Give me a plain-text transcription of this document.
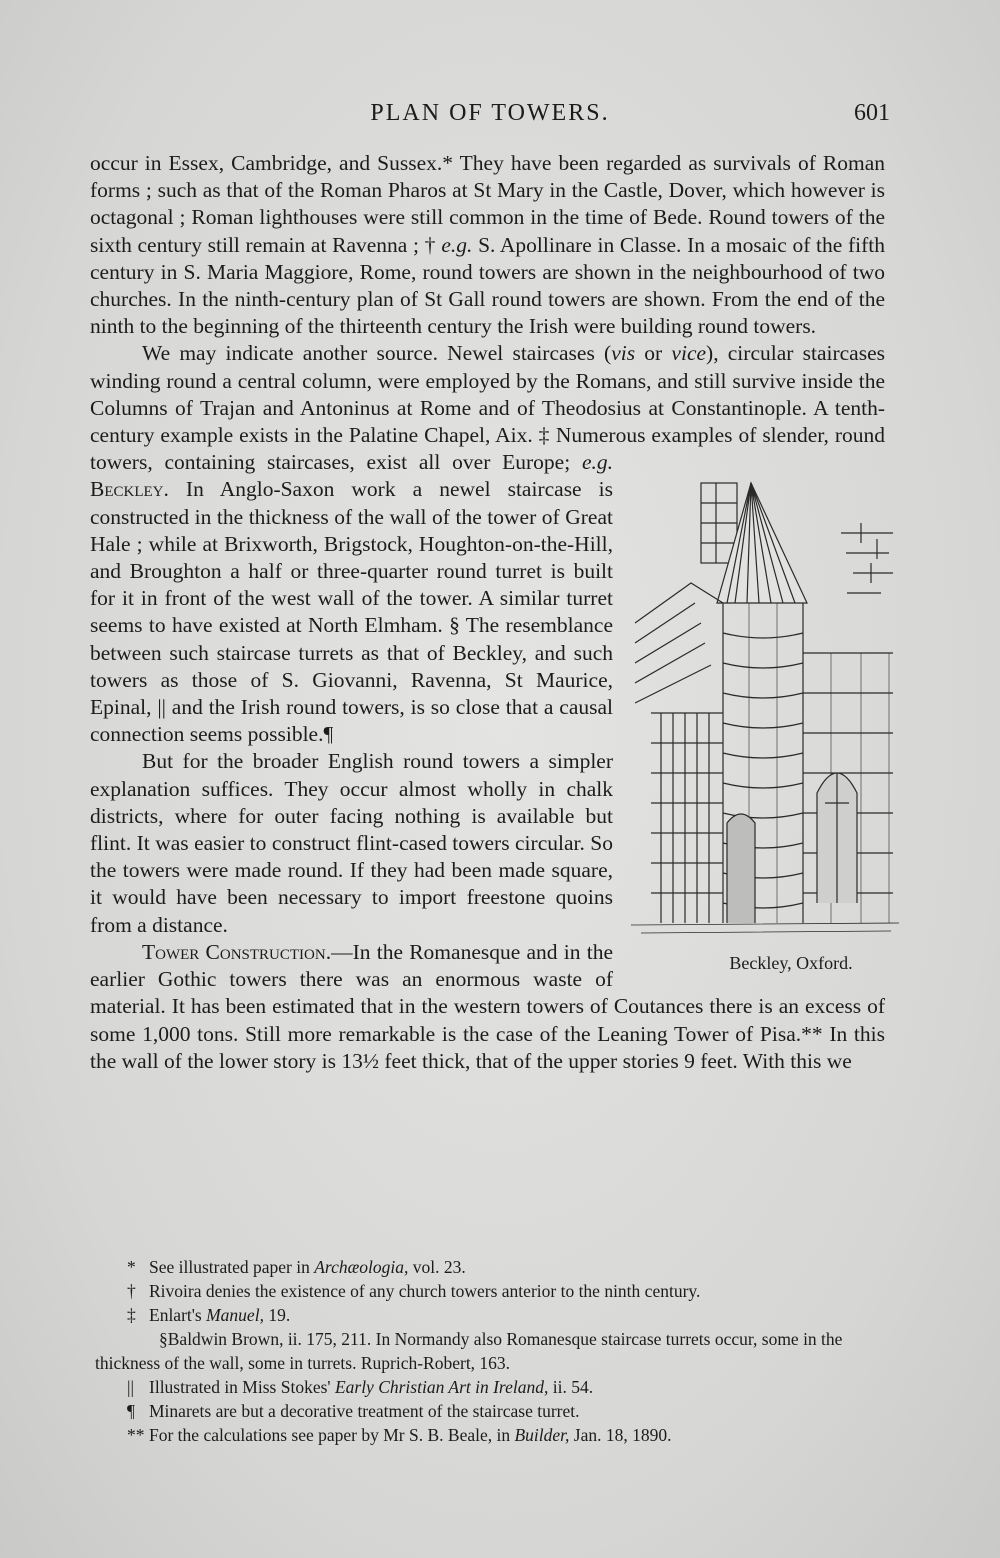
PLAN OF TOWERS.	601

occur in Essex, Cambridge, and Sussex.* They have been regarded as survivals of Roman forms ; such as that of the Roman Pharos at St Mary in the Castle, Dover, which however is octagonal ; Roman lighthouses were still common in the time of Bede. Round towers of the sixth century still remain at Ravenna ; † e.g. S. Apollinare in Classe. In a mosaic of the fifth century in S. Maria Maggiore, Rome, round towers are shown in the neighbourhood of two churches. In the ninth-century plan of St Gall round towers are shown. From the end of the ninth to the beginning of the thirteenth century the Irish were building round towers.

We may indicate another source. Newel staircases (vis or vice), circular staircases winding round a central column, were employed by the Romans, and still survive inside the Columns of Trajan and Antoninus at Rome and of Theodosius at Constantinople. A tenth-century example exists in the Palatine Chapel, Aix. ‡ Numerous examples of slender, round towers, containing staircases, exist all over Europe;
Beckley, Oxford.
e.g. Beckley. In Anglo-Saxon work a newel staircase is constructed in the thickness of the wall of the tower of Great Hale ; while at Brixworth, Brigstock, Houghton-on-the-Hill, and Broughton a half or three-quarter round turret is built for it in front of the west wall of the tower. A similar turret seems to have existed at North Elmham. § The resemblance between such staircase turrets as that of Beckley, and such towers as those of S. Giovanni, Ravenna, St Maurice, Epinal, || and the Irish round towers, is so close that a causal connection seems possible.¶

But for the broader English round towers a simpler explanation suffices. They occur almost wholly in chalk districts, where for outer facing nothing is available but flint. It was easier to construct flint-cased towers circular. So the towers were made round. If they had been made square, it would have been necessary to import freestone quoins from a distance.

Tower Construction.—In the Romanesque and in the earlier Gothic towers there was an enormous waste of material. It has been estimated that in the western towers of Coutances there is an excess of some 1,000 tons. Still more remarkable is the case of the Leaning Tower of Pisa.** In this the wall of the lower story is 13½ feet thick, that of the upper stories 9 feet. With this we

* See illustrated paper in Archæologia, vol. 23.

† Rivoira denies the existence of any church towers anterior to the ninth century.

‡ Enlart's Manuel, 19.

§Baldwin Brown, ii. 175, 211. In Normandy also Romanesque staircase turrets occur, some in the thickness of the wall, some in turrets. Ruprich-Robert, 163.

|| Illustrated in Miss Stokes' Early Christian Art in Ireland, ii. 54.

¶ Minarets are but a decorative treatment of the staircase turret.

** For the calculations see paper by Mr S. B. Beale, in Builder, Jan. 18, 1890.
